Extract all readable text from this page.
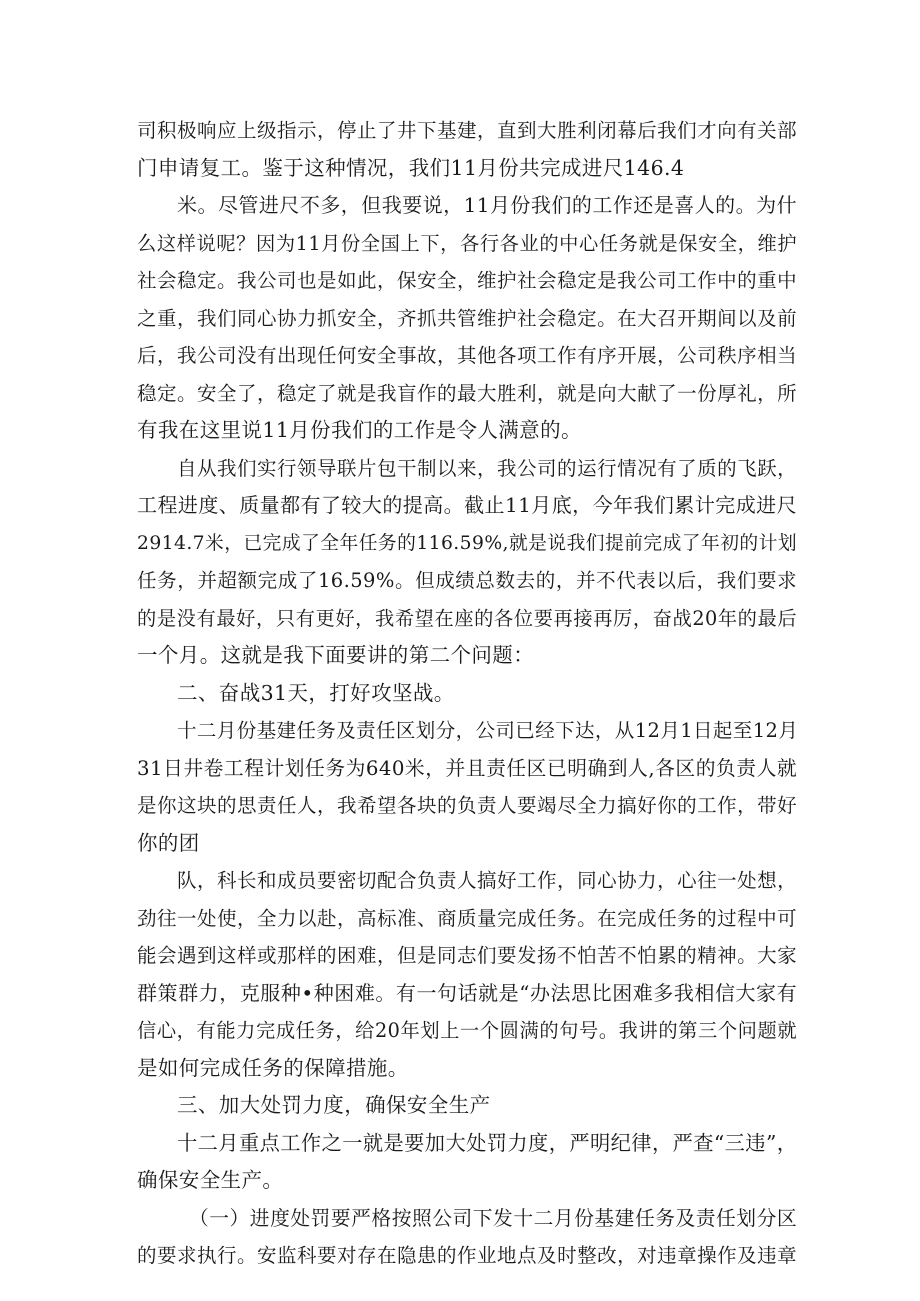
司积极响应上级指示，停止了井下基建，直到大胜利闭幕后我们才向有关部
门申请复工。鉴于这种情况，我们11月份共完成进尺146.4
米。尽管进尺不多，但我要说，11月份我们的工作还是喜人的。为什
么这样说呢？因为11月份全国上下，各行各业的中心任务就是保安全，维护
社会稳定。我公司也是如此，保安全，维护社会稳定是我公司工作中的重中
之重，我们同心协力抓安全，齐抓共管维护社会稳定。在大召开期间以及前
后，我公司没有出现任何安全事故，其他各项工作有序开展，公司秩序相当
稳定。安全了，稳定了就是我盲作的最大胜利，就是向大献了一份厚礼，所
有我在这里说11月份我们的工作是令人满意的。
自从我们实行领导联片包干制以来，我公司的运行情况有了质的飞跃，
工程进度、质量都有了较大的提高。截止11月底，今年我们累计完成进尺
2914.7米，已完成了全年任务的116.59%,就是说我们提前完成了年初的计划
任务，并超额完成了16.59%。但成绩总数去的，并不代表以后，我们要求
的是没有最好，只有更好，我希望在座的各位要再接再厉，奋战20年的最后
一个月。这就是我下面要讲的第二个问题：
二、奋战31天，打好攻坚战。
十二月份基建任务及责任区划分，公司已经下达，从12月1日起至12月
31日井卷工程计划任务为640米，并且责任区已明确到人,各区的负责人就
是你这块的思责任人，我希望各块的负责人要竭尽全力搞好你的工作，带好
你的团
队，科长和成员要密切配合负责人搞好工作，同心协力，心往一处想，
劲往一处使，全力以赴，高标准、商质量完成任务。在完成任务的过程中可
能会遇到这样或那样的困难，但是同志们要发扬不怕苦不怕累的精神。大家
群策群力，克服种•种困难。有一句话就是“办法思比困难多我相信大家有
信心，有能力完成任务，给20年划上一个圆满的句号。我讲的第三个问题就
是如何完成任务的保障措施。
三、加大处罚力度，确保安全生产
十二月重点工作之一就是要加大处罚力度，严明纪律，严查“三违”，
确保安全生产。
（一）进度处罚要严格按照公司下发十二月份基建任务及责任划分区
的要求执行。安监科要对存在隐患的作业地点及时整改，对违章操作及违章
